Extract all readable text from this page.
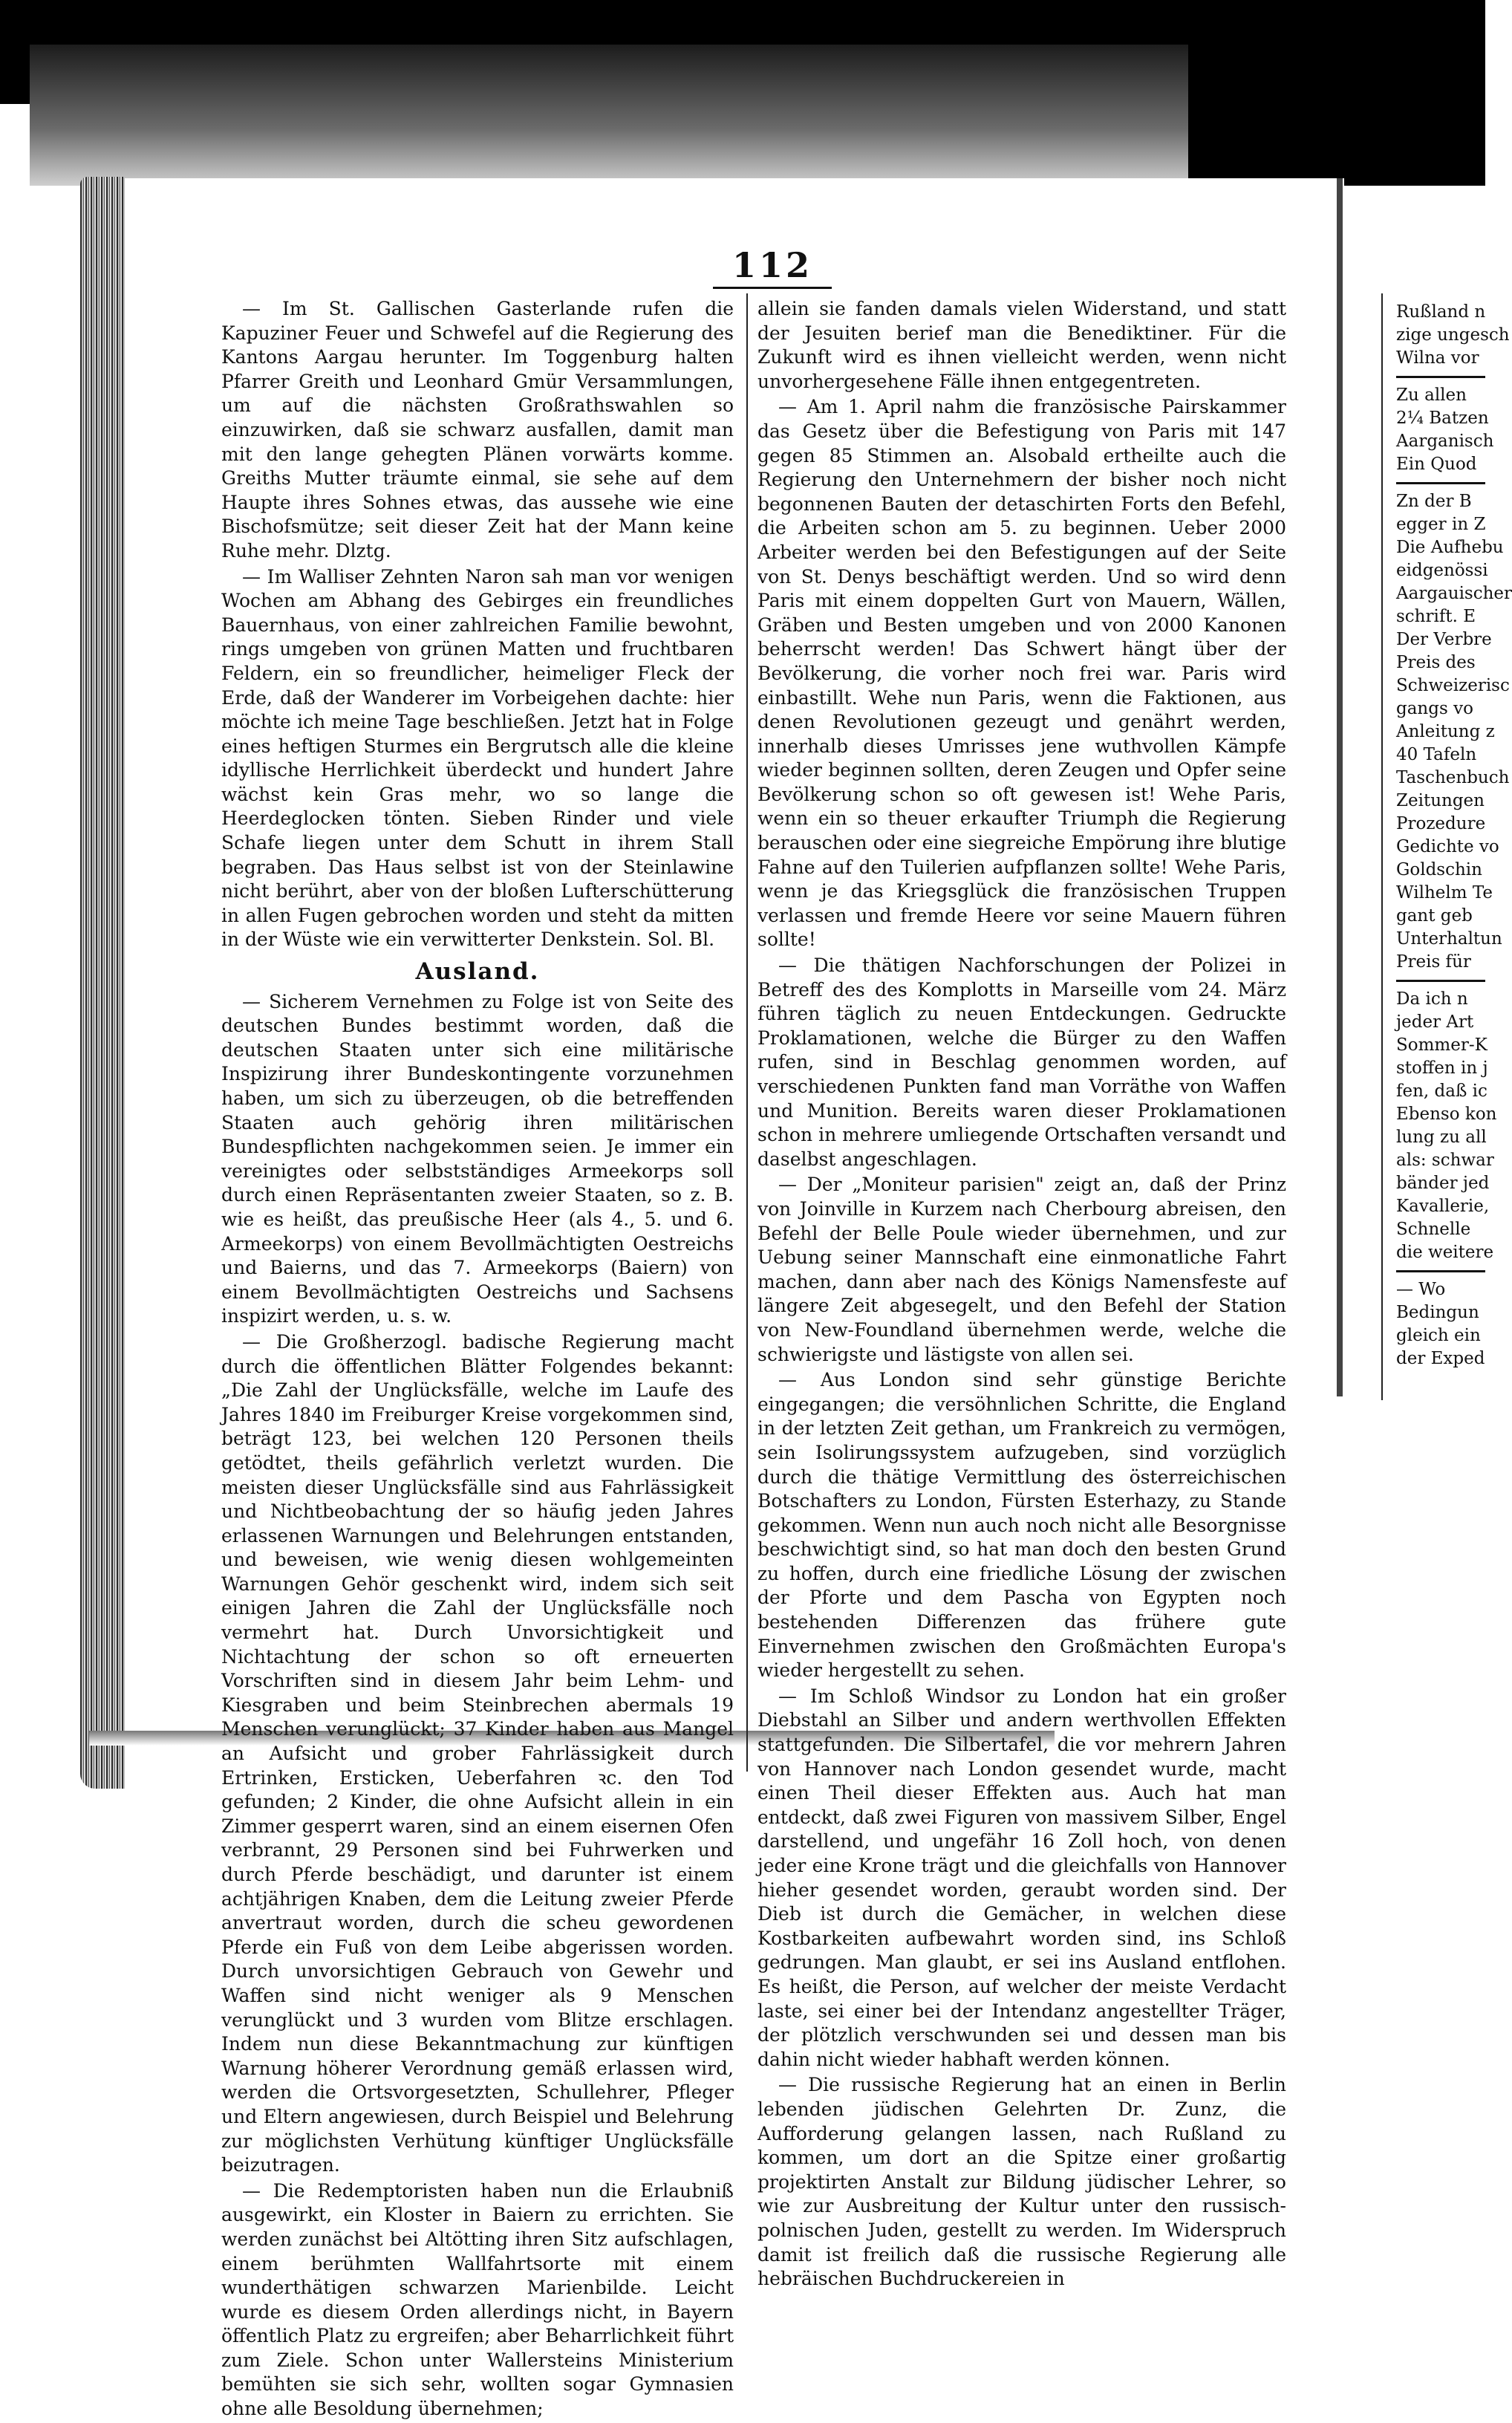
112

— Im St. Gallischen Gasterlande rufen die Kapuziner Feuer und Schwefel auf die Regierung des Kantons Aargau herunter. Im Toggenburg halten Pfarrer Greith und Leonhard Gmür Versammlungen, um auf die nächsten Großrathswahlen so einzuwirken, daß sie schwarz ausfallen, damit man mit den lange gehegten Plänen vorwärts komme. Greiths Mutter träumte einmal, sie sehe auf dem Haupte ihres Sohnes etwas, das aussehe wie eine Bischofsmütze; seit dieser Zeit hat der Mann keine Ruhe mehr. Dlztg.

— Im Walliser Zehnten Naron sah man vor wenigen Wochen am Abhang des Gebirges ein freundliches Bauernhaus, von einer zahlreichen Familie bewohnt, rings umgeben von grünen Matten und fruchtbaren Feldern, ein so freundlicher, heimeliger Fleck der Erde, daß der Wanderer im Vorbeigehen dachte: hier möchte ich meine Tage beschließen. Jetzt hat in Folge eines heftigen Sturmes ein Bergrutsch alle die kleine idyllische Herrlichkeit überdeckt und hundert Jahre wächst kein Gras mehr, wo so lange die Heerdeglocken tönten. Sieben Rinder und viele Schafe liegen unter dem Schutt in ihrem Stall begraben. Das Haus selbst ist von der Steinlawine nicht berührt, aber von der bloßen Lufterschütterung in allen Fugen gebrochen worden und steht da mitten in der Wüste wie ein verwitterter Denkstein. Sol. Bl.

Ausland.

— Sicherem Vernehmen zu Folge ist von Seite des deutschen Bundes bestimmt worden, daß die deutschen Staaten unter sich eine militärische Inspizirung ihrer Bundeskontingente vorzunehmen haben, um sich zu überzeugen, ob die betreffenden Staaten auch gehörig ihren militärischen Bundespflichten nachgekommen seien. Je immer ein vereinigtes oder selbstständiges Armeekorps soll durch einen Repräsentanten zweier Staaten, so z. B. wie es heißt, das preußische Heer (als 4., 5. und 6. Armeekorps) von einem Bevollmächtigten Oestreichs und Baierns, und das 7. Armeekorps (Baiern) von einem Bevollmächtigten Oestreichs und Sachsens inspizirt werden, u. s. w.

— Die Großherzogl. badische Regierung macht durch die öffentlichen Blätter Folgendes bekannt: „Die Zahl der Unglücksfälle, welche im Laufe des Jahres 1840 im Freiburger Kreise vorgekommen sind, beträgt 123, bei welchen 120 Personen theils getödtet, theils gefährlich verletzt wurden. Die meisten dieser Unglücksfälle sind aus Fahrlässigkeit und Nichtbeobachtung der so häufig jeden Jahres erlassenen Warnungen und Belehrungen entstanden, und beweisen, wie wenig diesen wohlgemeinten Warnungen Gehör geschenkt wird, indem sich seit einigen Jahren die Zahl der Unglücksfälle noch vermehrt hat. Durch Unvorsichtigkeit und Nichtachtung der schon so oft erneuerten Vorschriften sind in diesem Jahr beim Lehm- und Kiesgraben und beim Steinbrechen abermals 19 Menschen verunglückt; 37 Kinder haben aus Mangel an Aufsicht und grober Fahrlässigkeit durch Ertrinken, Ersticken, Ueberfahren ꝛc. den Tod gefunden; 2 Kinder, die ohne Aufsicht allein in ein Zimmer gesperrt waren, sind an einem eisernen Ofen verbrannt, 29 Personen sind bei Fuhrwerken und durch Pferde beschädigt, und darunter ist einem achtjährigen Knaben, dem die Leitung zweier Pferde anvertraut worden, durch die scheu gewordenen Pferde ein Fuß von dem Leibe abgerissen worden. Durch unvorsichtigen Gebrauch von Gewehr und Waffen sind nicht weniger als 9 Menschen verunglückt und 3 wurden vom Blitze erschlagen. Indem nun diese Bekanntmachung zur künftigen Warnung höherer Verordnung gemäß erlassen wird, werden die Ortsvorgesetzten, Schullehrer, Pfleger und Eltern angewiesen, durch Beispiel und Belehrung zur möglichsten Verhütung künftiger Unglücksfälle beizutragen.

— Die Redemptoristen haben nun die Erlaubniß ausgewirkt, ein Kloster in Baiern zu errichten. Sie werden zunächst bei Altötting ihren Sitz aufschlagen, einem berühmten Wallfahrtsorte mit einem wunderthätigen schwarzen Marienbilde. Leicht wurde es diesem Orden allerdings nicht, in Bayern öffentlich Platz zu ergreifen; aber Beharrlichkeit führt zum Ziele. Schon unter Wallersteins Ministerium bemühten sie sich sehr, wollten sogar Gymnasien ohne alle Besoldung übernehmen;

allein sie fanden damals vielen Widerstand, und statt der Jesuiten berief man die Benediktiner. Für die Zukunft wird es ihnen vielleicht werden, wenn nicht unvorhergesehene Fälle ihnen entgegentreten.

— Am 1. April nahm die französische Pairskammer das Gesetz über die Befestigung von Paris mit 147 gegen 85 Stimmen an. Alsobald ertheilte auch die Regierung den Unternehmern der bisher noch nicht begonnenen Bauten der detaschirten Forts den Befehl, die Arbeiten schon am 5. zu beginnen. Ueber 2000 Arbeiter werden bei den Befestigungen auf der Seite von St. Denys beschäftigt werden. Und so wird denn Paris mit einem doppelten Gurt von Mauern, Wällen, Gräben und Besten umgeben und von 2000 Kanonen beherrscht werden! Das Schwert hängt über der Bevölkerung, die vorher noch frei war. Paris wird einbastillt. Wehe nun Paris, wenn die Faktionen, aus denen Revolutionen gezeugt und genährt werden, innerhalb dieses Umrisses jene wuthvollen Kämpfe wieder beginnen sollten, deren Zeugen und Opfer seine Bevölkerung schon so oft gewesen ist! Wehe Paris, wenn ein so theuer erkaufter Triumph die Regierung berauschen oder eine siegreiche Empörung ihre blutige Fahne auf den Tuilerien aufpflanzen sollte! Wehe Paris, wenn je das Kriegsglück die französischen Truppen verlassen und fremde Heere vor seine Mauern führen sollte!

— Die thätigen Nachforschungen der Polizei in Betreff des des Komplotts in Marseille vom 24. März führen täglich zu neuen Entdeckungen. Gedruckte Proklamationen, welche die Bürger zu den Waffen rufen, sind in Beschlag genommen worden, auf verschiedenen Punkten fand man Vorräthe von Waffen und Munition. Bereits waren dieser Proklamationen schon in mehrere umliegende Ortschaften versandt und daselbst angeschlagen.

— Der „Moniteur parisien" zeigt an, daß der Prinz von Joinville in Kurzem nach Cherbourg abreisen, den Befehl der Belle Poule wieder übernehmen, und zur Uebung seiner Mannschaft eine einmonatliche Fahrt machen, dann aber nach des Königs Namensfeste auf längere Zeit abgesegelt, und den Befehl der Station von New-Foundland übernehmen werde, welche die schwierigste und lästigste von allen sei.

— Aus London sind sehr günstige Berichte eingegangen; die versöhnlichen Schritte, die England in der letzten Zeit gethan, um Frankreich zu vermögen, sein Isolirungssystem aufzugeben, sind vorzüglich durch die thätige Vermittlung des österreichischen Botschafters zu London, Fürsten Esterhazy, zu Stande gekommen. Wenn nun auch noch nicht alle Besorgnisse beschwichtigt sind, so hat man doch den besten Grund zu hoffen, durch eine friedliche Lösung der zwischen der Pforte und dem Pascha von Egypten noch bestehenden Differenzen das frühere gute Einvernehmen zwischen den Großmächten Europa's wieder hergestellt zu sehen.

— Im Schloß Windsor zu London hat ein großer Diebstahl an Silber und andern werthvollen Effekten stattgefunden. Die Silbertafel, die vor mehrern Jahren von Hannover nach London gesendet wurde, macht einen Theil dieser Effekten aus. Auch hat man entdeckt, daß zwei Figuren von massivem Silber, Engel darstellend, und ungefähr 16 Zoll hoch, von denen jeder eine Krone trägt und die gleichfalls von Hannover hieher gesendet worden, geraubt worden sind. Der Dieb ist durch die Gemächer, in welchen diese Kostbarkeiten aufbewahrt worden sind, ins Schloß gedrungen. Man glaubt, er sei ins Ausland entflohen. Es heißt, die Person, auf welcher der meiste Verdacht laste, sei einer bei der Intendanz angestellter Träger, der plötzlich verschwunden sei und dessen man bis dahin nicht wieder habhaft werden können.

— Die russische Regierung hat an einen in Berlin lebenden jüdischen Gelehrten Dr. Zunz, die Aufforderung gelangen lassen, nach Rußland zu kommen, um dort an die Spitze einer großartig projektirten Anstalt zur Bildung jüdischer Lehrer, so wie zur Ausbreitung der Kultur unter den russisch-polnischen Juden, gestellt zu werden. Im Widerspruch damit ist freilich daß die russische Regierung alle hebräischen Buchdruckereien in

Rußland n
zige ungesch
Wilna vor
Zu allen
2¼ Batzen
Aarganisch
Ein Quod
Zn der B
egger in Z
Die Aufhebu
eidgenössi
Aargauischer
schrift. E
Der Verbre
Preis des
Schweizerisc
gangs vo
Anleitung z
40 Tafeln
Taschenbuch
Zeitungen
Prozedure
Gedichte vo
Goldschin
Wilhelm Te
gant geb
Unterhaltun
Preis für
Da ich n
jeder Art
Sommer-K
stoffen in j
fen, daß ic
Ebenso kon
lung zu all
als: schwar
bänder jed
Kavallerie,
Schnelle
die weitere
— Wo
Bedingun
gleich ein
der Exped
